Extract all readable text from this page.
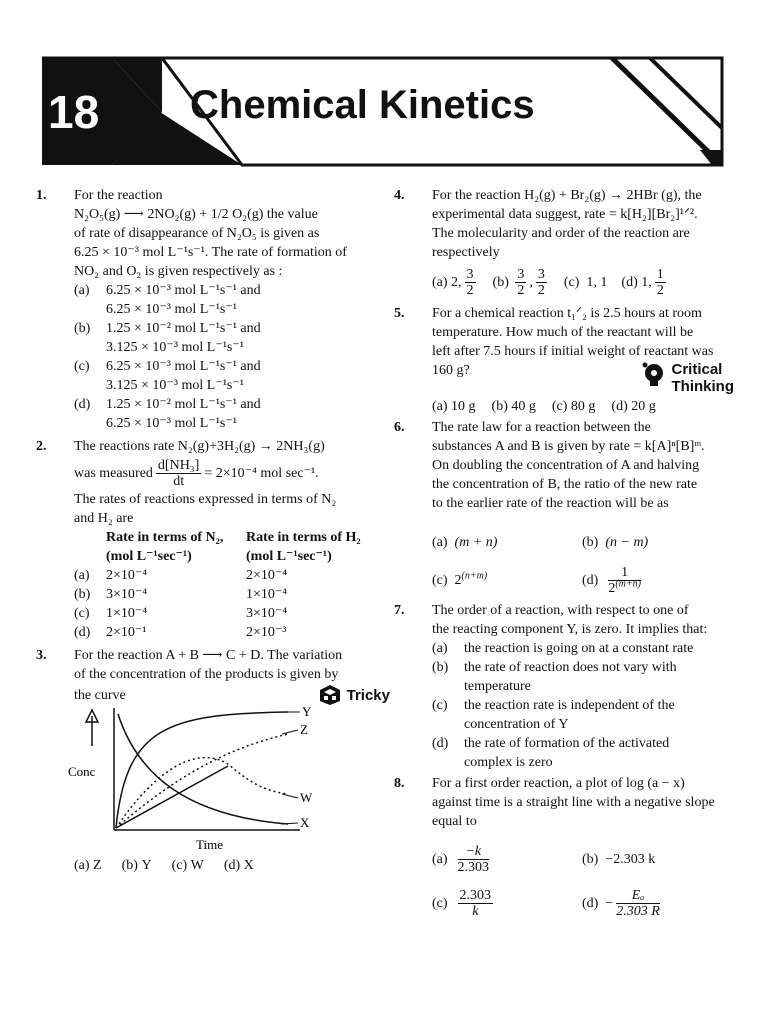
18 Chemical Kinetics
1. For the reaction
N₂O₅(g) ⟶ 2NO₂(g) + 1/2 O₂(g) the value
of rate of disappearance of N₂O₅ is given as
6.25 × 10⁻³ mol L⁻¹s⁻¹. The rate of formation of
NO₂ and O₂ is given respectively as :
(a) 6.25 × 10⁻³ mol L⁻¹s⁻¹ and
6.25 × 10⁻³ mol L⁻¹s⁻¹
(b) 1.25 × 10⁻² mol L⁻¹s⁻¹ and
3.125 × 10⁻³ mol L⁻¹s⁻¹
(c) 6.25 × 10⁻³ mol L⁻¹s⁻¹ and
3.125 × 10⁻³ mol L⁻¹s⁻¹
(d) 1.25 × 10⁻² mol L⁻¹s⁻¹ and
6.25 × 10⁻³ mol L⁻¹s⁻¹
2. The reactions rate N₂(g)+3H₂(g) → 2NH₃(g)
was measured $\frac{\text{d[NH₃]}}{dt} = 2\times 10^{-4}$ mol sec⁻¹.
The rates of reactions expressed in terms of N₂
and H₂ are
Rate in terms of N₂,	Rate in terms of H₂
(mol L⁻¹sec⁻¹)	(mol L⁻¹sec⁻¹)
(a)	2×10⁻⁴	2×10⁻⁴
(b)	3×10⁻⁴	1×10⁻⁴
(c)	1×10⁻⁴	3×10⁻⁴
(d)	2×10⁻¹	2×10⁻³
3. For the reaction A + B ⟶ C + D. The variation
of the concentration of the products is given by
the curve	Tricky
Conc
Y
Z
W
X
Time
(a) Z (b) Y (c) W (d) X
4. For the reaction H₂(g) + Br₂(g) → 2HBr (g), the
experimental data suggest, rate = k[H₂][Br₂]¹ᐟ².
The molecularity and order of the reaction are
respectively
(a)
2, $\frac{3}{2} (b)$
$\frac{3}{2}$ , $\frac{3}{2} (c)$ 1, 1 (d)
1, $\frac{1}{2}$
5. For a chemical reaction t₁ᐟ₂ is 2.5 hours at room
temperature. How much of the reactant will be
left after 7.5 hours if initial weight of reactant was
160 g?	Critical
Thinking
(a) 10 g (b) 40 g (c) 80 g (d) 20 g
6. The rate law for a reaction between the
substances A and B is given by rate = k[A]ⁿ[B]ᵐ.
On doubling the concentration of A and halving
the concentration of B, the ratio of the new rate
to the earlier rate of the reaction will be as
(a)
(m + n)	(b)
(n − m)
(c)
$2^{(n+m)}$	(d)
$\frac{1}{2^{(m+n)}}$
7. The order of a reaction, with respect to one of
the reacting component Y, is zero. It implies that:
(a) the reaction is going on at a constant rate
(b) the rate of reaction does not vary with
temperature
(c) the reaction rate is independent of the
concentration of Y
(d) the rate of formation of the activated
complex is zero
8. For a first order reaction, a plot of log (a − x)
against time is a straight line with a negative slope
equal to
(a)
$\frac{-k}{2.303}$	(b)
−2.303 k
(c)
$\frac{2.303}{k}$	(d)
− $\frac{\text{Eₐ}}{2.303 R}$
